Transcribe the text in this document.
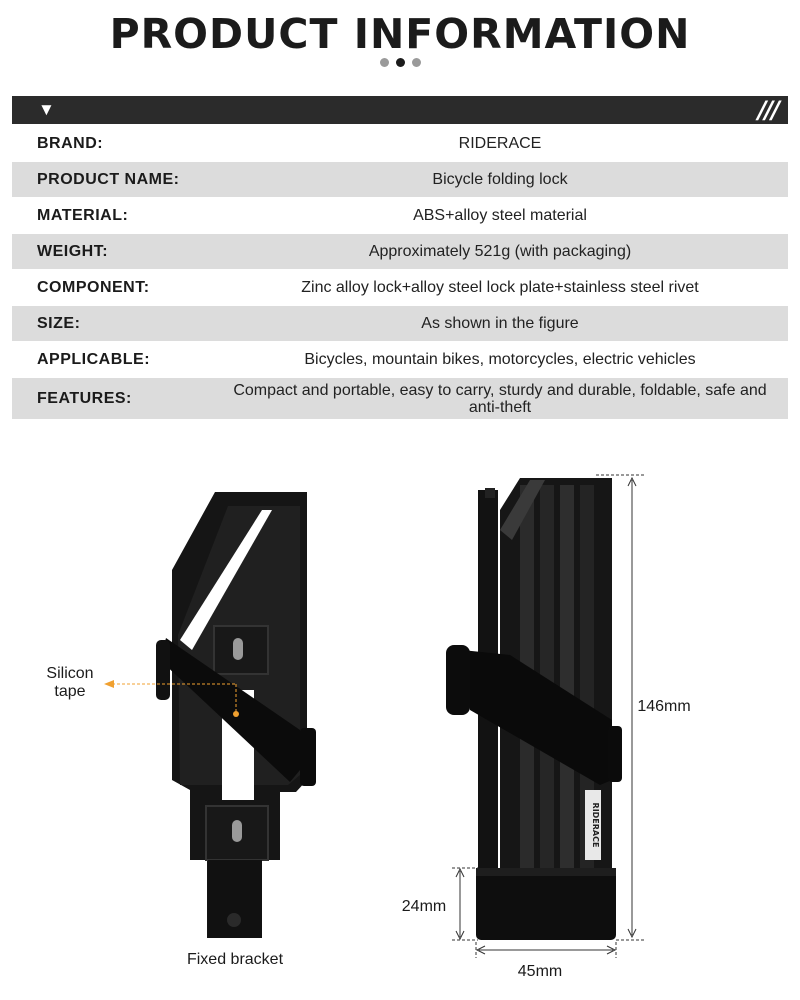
PRODUCT INFORMATION
▼	///
BRAND:	RIDERACE
PRODUCT NAME:	Bicycle folding lock
MATERIAL:	ABS+alloy steel material
WEIGHT:	Approximately 521g (with packaging)
COMPONENT:	Zinc alloy lock+alloy steel lock plate+stainless steel rivet
SIZE:	As shown in the figure
APPLICABLE:	Bicycles, mountain bikes, motorcycles, electric vehicles
FEATURES:	Compact and portable, easy to carry, sturdy and durable, foldable, safe and anti-theft
RIDERACE
Silicon tape
Fixed bracket
146mm
24mm
45mm
